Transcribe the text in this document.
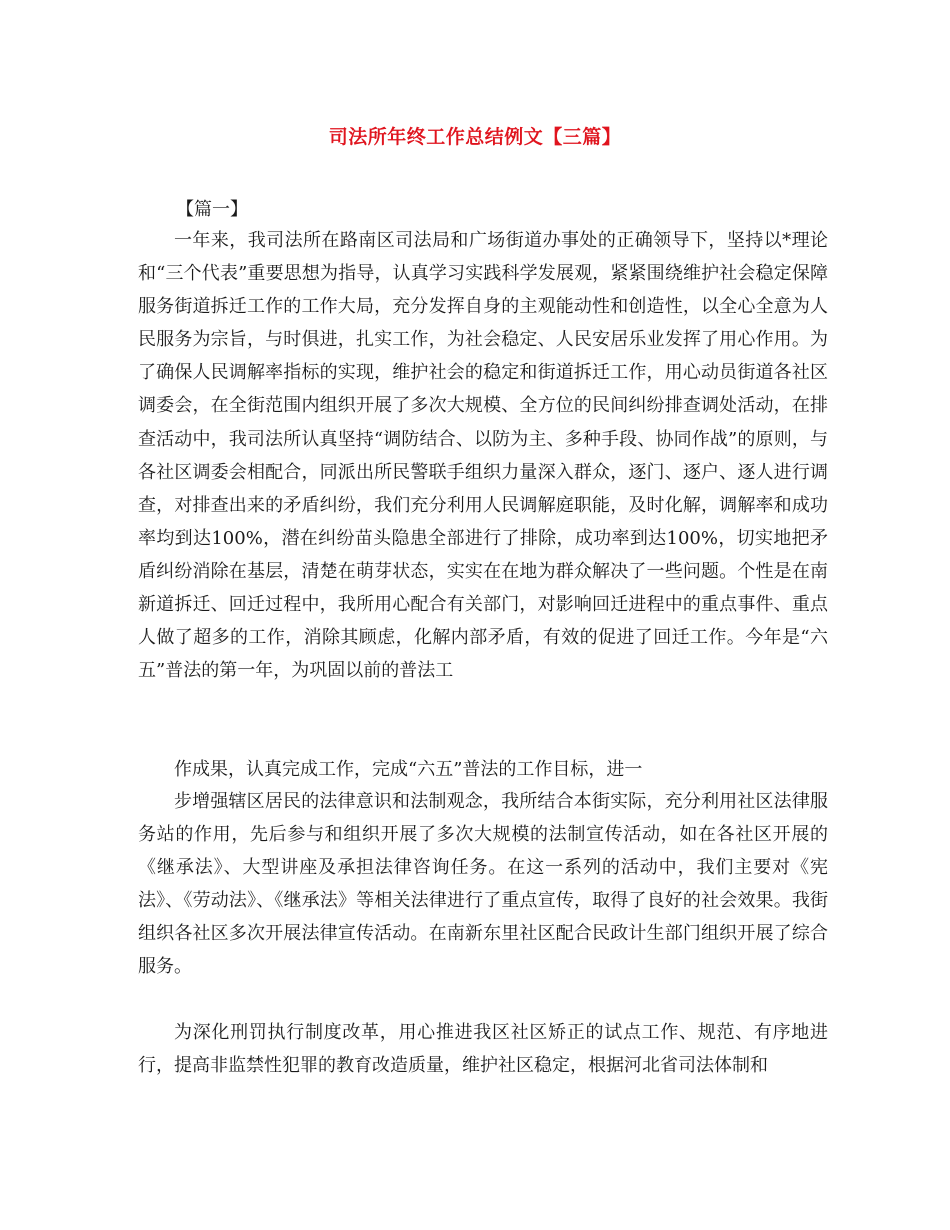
司法所年终工作总结例文【三篇】
【篇一】

一年来，我司法所在路南区司法局和广场街道办事处的正确领导下，坚持以*理论和“三个代表”重要思想为指导，认真学习实践科学发展观，紧紧围绕维护社会稳定保障服务街道拆迁工作的工作大局，充分发挥自身的主观能动性和创造性，以全心全意为人民服务为宗旨，与时俱进，扎实工作，为社会稳定、人民安居乐业发挥了用心作用。为了确保人民调解率指标的实现，维护社会的稳定和街道拆迁工作，用心动员街道各社区调委会，在全街范围内组织开展了多次大规模、全方位的民间纠纷排查调处活动，在排查活动中，我司法所认真坚持“调防结合、以防为主、多种手段、协同作战”的原则，与各社区调委会相配合，同派出所民警联手组织力量深入群众，逐门、逐户、逐人进行调查，对排查出来的矛盾纠纷，我们充分利用人民调解庭职能，及时化解，调解率和成功率均到达100%，潜在纠纷苗头隐患全部进行了排除，成功率到达100%，切实地把矛盾纠纷消除在基层，清楚在萌芽状态，实实在在地为群众解决了一些问题。个性是在南新道拆迁、回迁过程中，我所用心配合有关部门，对影响回迁进程中的重点事件、重点人做了超多的工作，消除其顾虑，化解内部矛盾，有效的促进了回迁工作。今年是“六五”普法的第一年，为巩固以前的普法工

作成果，认真完成工作，完成“六五”普法的工作目标，进一

步增强辖区居民的法律意识和法制观念，我所结合本街实际，充分利用社区法律服务站的作用，先后参与和组织开展了多次大规模的法制宣传活动，如在各社区开展的《继承法》、大型讲座及承担法律咨询任务。在这一系列的活动中，我们主要对《宪法》、《劳动法》、《继承法》等相关法律进行了重点宣传，取得了良好的社会效果。我街组织各社区多次开展法律宣传活动。在南新东里社区配合民政计生部门组织开展了综合服务。

为深化刑罚执行制度改革，用心推进我区社区矫正的试点工作、规范、有序地进行，提高非监禁性犯罪的教育改造质量，维护社区稳定，根据河北省司法体制和
